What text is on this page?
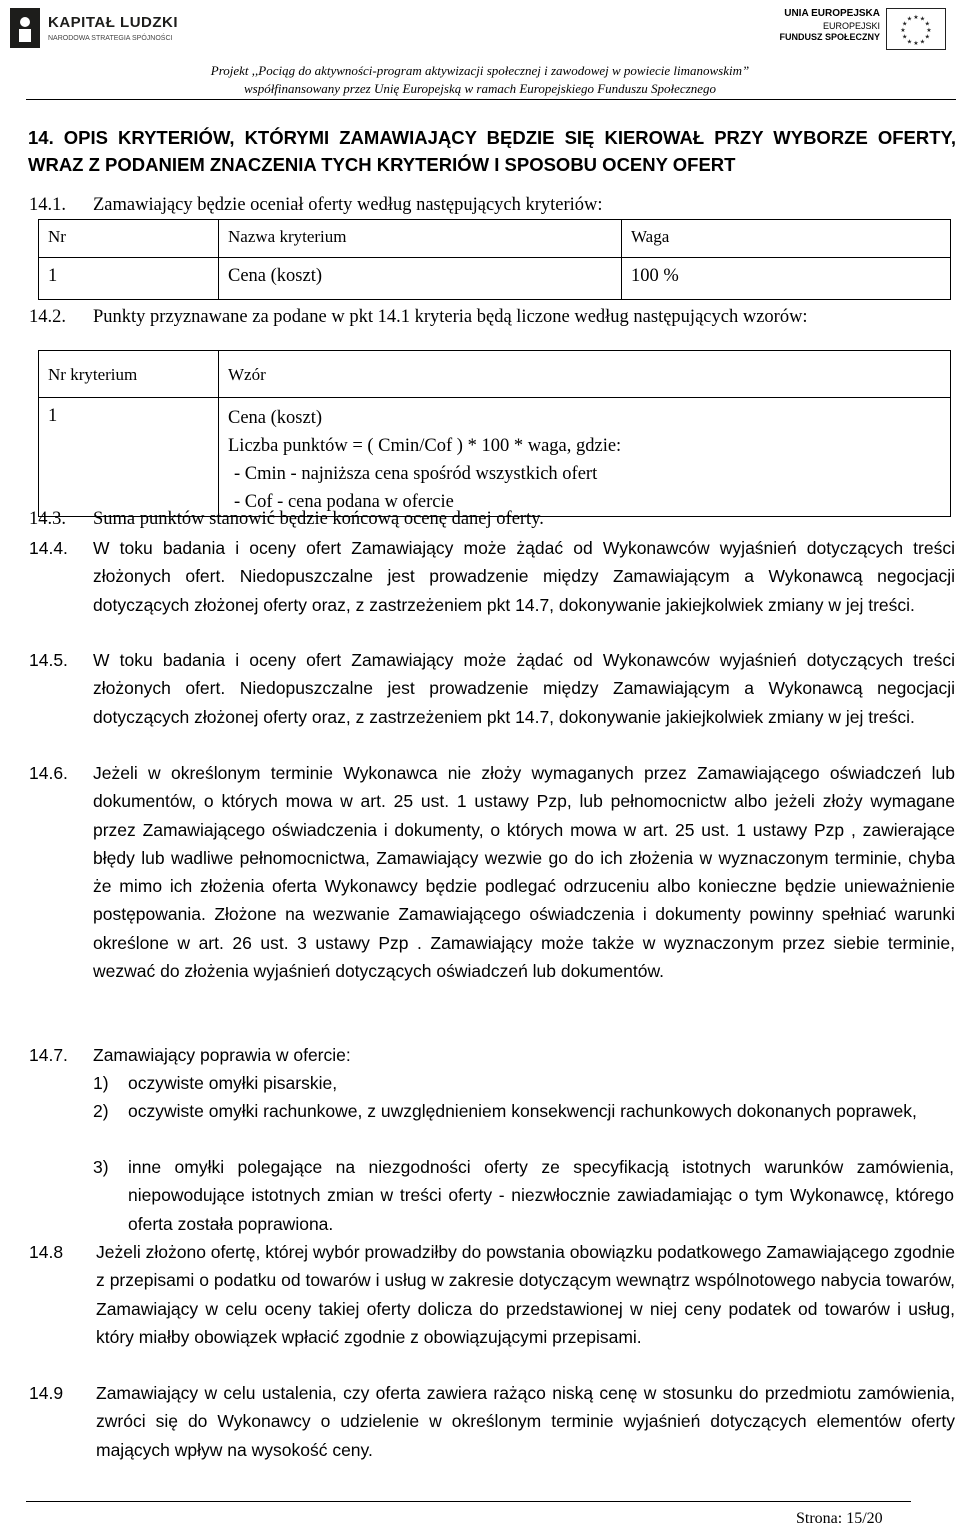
KAPITAŁ LUDZKI
NARODOWA STRATEGIA SPÓJNOŚCI
UNIA EUROPEJSKA
EUROPEJSKI
FUNDUSZ SPOŁECZNY
★ ★
★
★
★
★
★
★
★
★
★
★
Projekt ,,Pociąg do aktywności-program aktywizacji społecznej i zawodowej w powiecie limanowskim”
współfinansowany przez Unię Europejską w ramach Europejskiego Funduszu Społecznego
14. OPIS KRYTERIÓW, KTÓRYMI ZAMAWIAJĄCY BĘDZIE SIĘ KIEROWAŁ PRZY WYBORZE OFERTY, WRAZ Z PODANIEM ZNACZENIA TYCH KRYTERIÓW I SPOSOBU OCENY OFERT
14.1. Zamawiający będzie oceniał oferty według następujących kryteriów:
Nr	Nazwa kryterium	Waga
1	Cena (koszt)	100 %
14.2. Punkty przyznawane za podane w pkt 14.1 kryteria będą liczone według następujących wzorów:
Nr kryterium	Wzór
1	Cena (koszt)
Liczba punktów = ( Cmin/Cof ) * 100 * waga, gdzie:
- Cmin - najniższa cena spośród wszystkich ofert
- Cof - cena podana w ofercie
14.3. Suma punktów stanowić będzie końcową ocenę danej oferty.
14.4. W toku badania i oceny ofert Zamawiający może żądać od Wykonawców wyjaśnień dotyczących treści złożonych ofert. Niedopuszczalne jest prowadzenie między Zamawiającym a Wykonawcą negocjacji dotyczących złożonej oferty oraz, z zastrzeżeniem pkt 14.7, dokonywanie jakiejkolwiek zmiany w jej treści.
14.5. W toku badania i oceny ofert Zamawiający może żądać od Wykonawców wyjaśnień dotyczących treści złożonych ofert. Niedopuszczalne jest prowadzenie między Zamawiającym a Wykonawcą negocjacji dotyczących złożonej oferty oraz, z zastrzeżeniem pkt 14.7, dokonywanie jakiejkolwiek zmiany w jej treści.
14.6. Jeżeli w określonym terminie Wykonawca nie złoży wymaganych przez Zamawiającego oświadczeń lub dokumentów, o których mowa w art. 25 ust. 1 ustawy Pzp, lub pełnomocnictw albo jeżeli złoży wymagane przez Zamawiającego oświadczenia i dokumenty, o których mowa w art. 25 ust. 1 ustawy Pzp , zawierające błędy lub wadliwe pełnomocnictwa, Zamawiający wezwie go do ich złożenia w wyznaczonym terminie, chyba że mimo ich złożenia oferta Wykonawcy będzie podlegać odrzuceniu albo konieczne będzie unieważnienie postępowania. Złożone na wezwanie Zamawiającego oświadczenia i dokumenty powinny spełniać warunki określone w art. 26 ust. 3 ustawy Pzp . Zamawiający może także w wyznaczonym przez siebie terminie, wezwać do złożenia wyjaśnień dotyczących oświadczeń lub dokumentów.
14.7. Zamawiający poprawia w ofercie:
1) oczywiste omyłki pisarskie,
2) oczywiste omyłki rachunkowe, z uwzględnieniem konsekwencji rachunkowych dokonanych poprawek,
3) inne omyłki polegające na niezgodności oferty ze specyfikacją istotnych warunków zamówienia, niepowodujące istotnych zmian w treści oferty - niezwłocznie zawiadamiając o tym Wykonawcę, którego oferta została poprawiona.
14.8 Jeżeli złożono ofertę, której wybór prowadziłby do powstania obowiązku podatkowego Zamawiającego zgodnie z przepisami o podatku od towarów i usług w zakresie dotyczącym wewnątrz wspólnotowego nabycia towarów, Zamawiający w celu oceny takiej oferty dolicza do przedstawionej w niej ceny podatek od towarów i usług, który miałby obowiązek wpłacić zgodnie z obowiązującymi przepisami.
14.9 Zamawiający w celu ustalenia, czy oferta zawiera rażąco niską cenę w stosunku do przedmiotu zamówienia, zwróci się do Wykonawcy o udzielenie w określonym terminie wyjaśnień dotyczących elementów oferty mających wpływ na wysokość ceny.
Strona: 15/20
